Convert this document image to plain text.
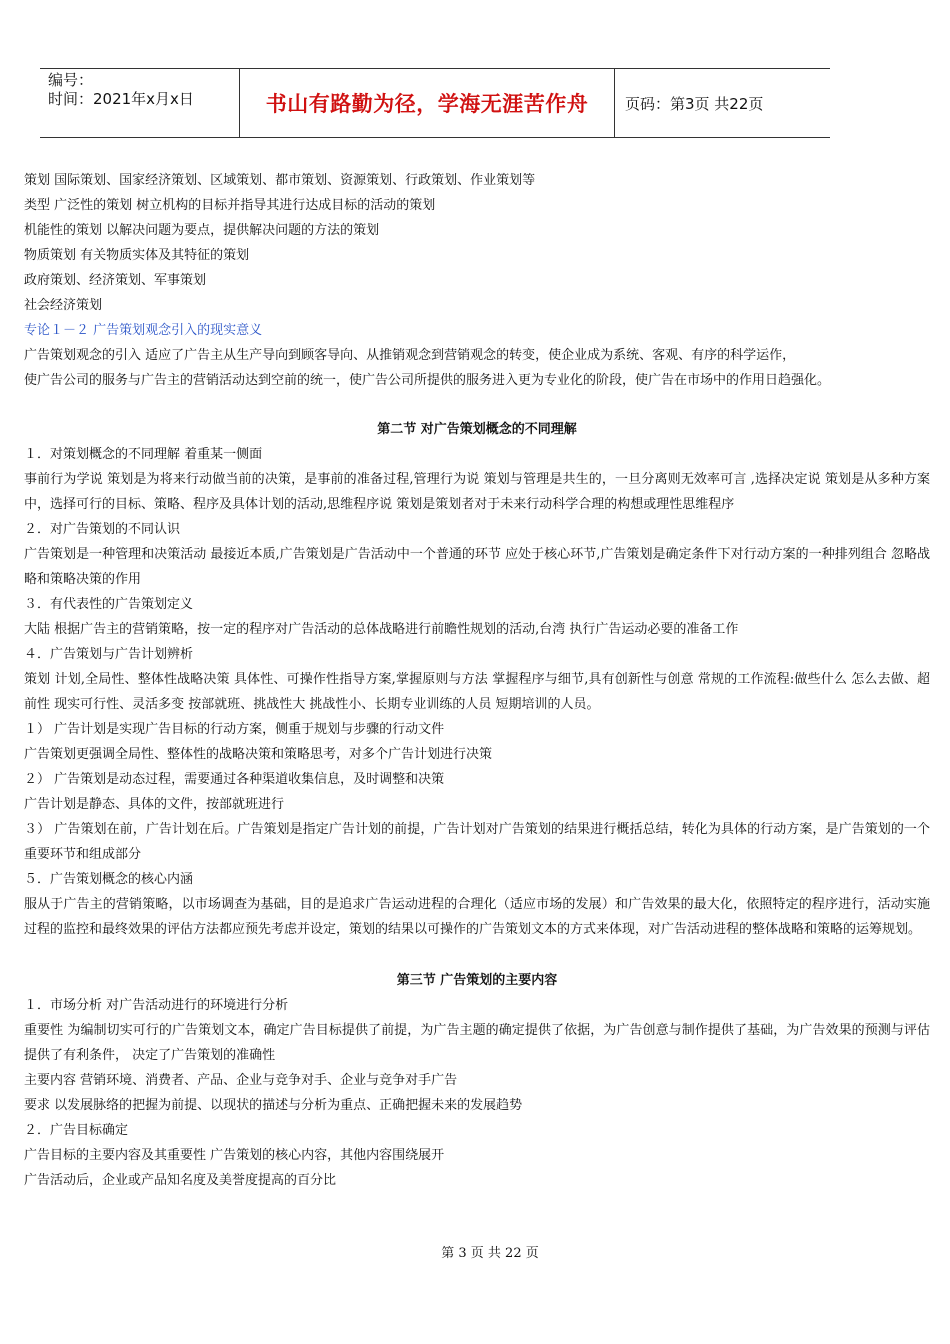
编号：
时间：2021年x月x日	书山有路勤为径，学海无涯苦作舟	页码：第3页 共22页
策划 国际策划、国家经济策划、区域策划、都市策划、资源策划、行政策划、作业策划等
类型 广泛性的策划 树立机构的目标并指导其进行达成目标的活动的策划
机能性的策划 以解决问题为要点，提供解决问题的方法的策划
物质策划 有关物质实体及其特征的策划
政府策划、经济策划、军事策划
社会经济策划
专论１－２ 广告策划观念引入的现实意义
广告策划观念的引入 适应了广告主从生产导向到顾客导向、从推销观念到营销观念的转变，使企业成为系统、客观、有序的科学运作，
使广告公司的服务与广告主的营销活动达到空前的统一，使广告公司所提供的服务进入更为专业化的阶段，使广告在市场中的作用日趋强化。
第二节 对广告策划概念的不同理解
１．对策划概念的不同理解 着重某一侧面
事前行为学说 策划是为将来行动做当前的决策，是事前的准备过程,管理行为说 策划与管理是共生的，一旦分离则无效率可言 ,选择决定说 策划是从多种方案中，选择可行的目标、策略、程序及具体计划的活动,思维程序说 策划是策划者对于未来行动科学合理的构想或理性思维程序
２．对广告策划的不同认识
广告策划是一种管理和决策活动 最接近本质,广告策划是广告活动中一个普通的环节 应处于核心环节,广告策划是确定条件下对行动方案的一种排列组合 忽略战略和策略决策的作用
３．有代表性的广告策划定义
大陆 根据广告主的营销策略，按一定的程序对广告活动的总体战略进行前瞻性规划的活动,台湾 执行广告运动必要的准备工作
４．广告策划与广告计划辨析
策划 计划,全局性、整体性战略决策 具体性、可操作性指导方案,掌握原则与方法 掌握程序与细节,具有创新性与创意 常规的工作流程:做些什么 怎么去做、超前性 现实可行性、灵活多变 按部就班、挑战性大 挑战性小、长期专业训练的人员 短期培训的人员。
１） 广告计划是实现广告目标的行动方案，侧重于规划与步骤的行动文件
广告策划更强调全局性、整体性的战略决策和策略思考，对多个广告计划进行决策
２） 广告策划是动态过程，需要通过各种渠道收集信息，及时调整和决策
广告计划是静态、具体的文件，按部就班进行
３） 广告策划在前，广告计划在后。广告策划是指定广告计划的前提，广告计划对广告策划的结果进行概括总结，转化为具体的行动方案，是广告策划的一个重要环节和组成部分
５．广告策划概念的核心内涵
服从于广告主的营销策略，以市场调查为基础，目的是追求广告运动进程的合理化（适应市场的发展）和广告效果的最大化，依照特定的程序进行，活动实施过程的监控和最终效果的评估方法都应预先考虑并设定，策划的结果以可操作的广告策划文本的方式来体现，对广告活动进程的整体战略和策略的运筹规划。
第三节 广告策划的主要内容
１．市场分析 对广告活动进行的环境进行分析
重要性 为编制切实可行的广告策划文本，确定广告目标提供了前提，为广告主题的确定提供了依据，为广告创意与制作提供了基础，为广告效果的预测与评估提供了有利条件， 决定了广告策划的准确性
主要内容 营销环境、消费者、产品、企业与竞争对手、企业与竞争对手广告
要求 以发展脉络的把握为前提、以现状的描述与分析为重点、正确把握未来的发展趋势
２．广告目标确定
广告目标的主要内容及其重要性 广告策划的核心内容，其他内容围绕展开
广告活动后，企业或产品知名度及美誉度提高的百分比
第 3 页 共 22 页
